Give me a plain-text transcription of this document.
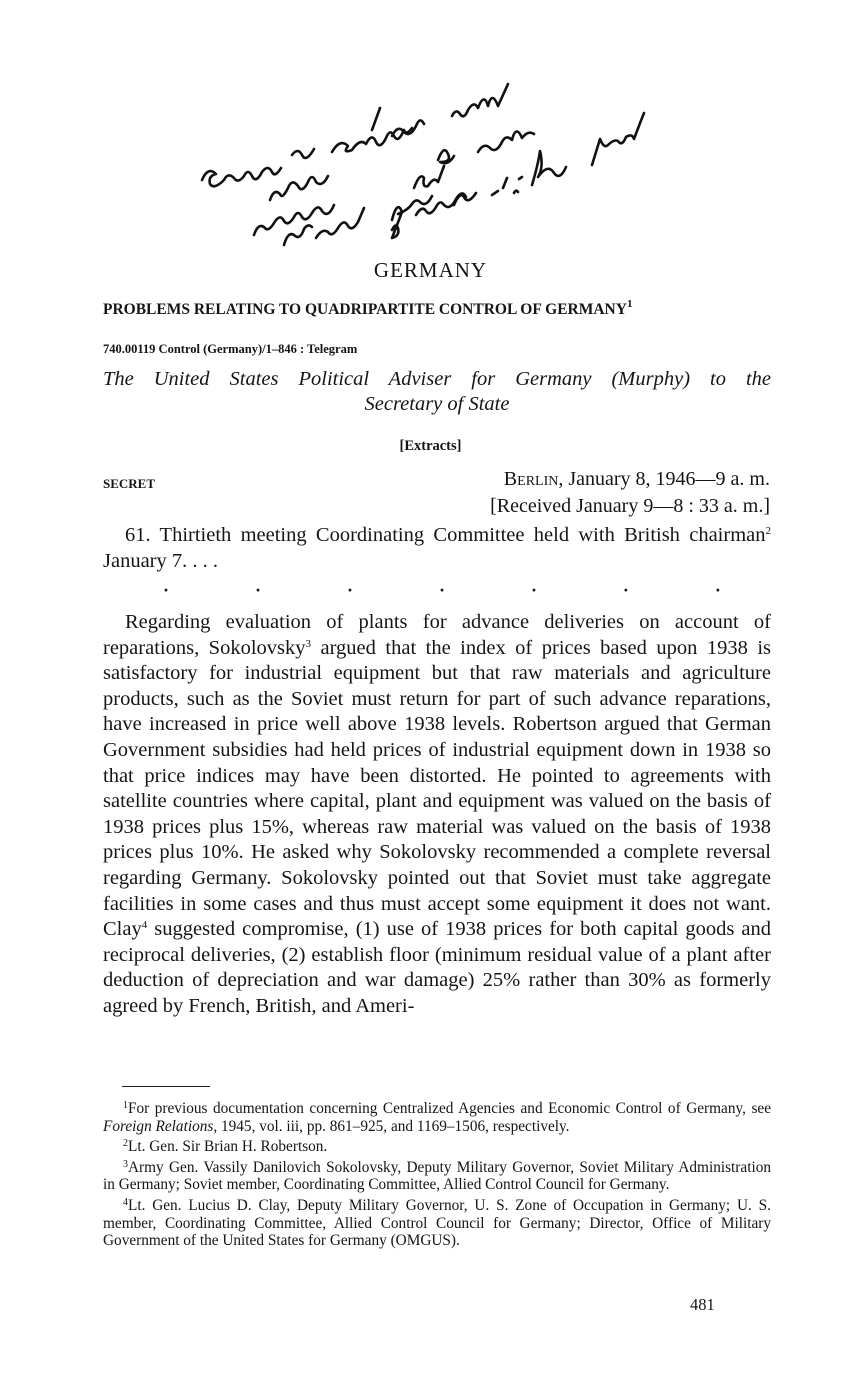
GERMANY
PROBLEMS RELATING TO QUADRIPARTITE CONTROL OF GERMANY$^1$
740.00119 Control (Germany)/1–846 : Telegram
The United States Political Adviser for Germany (Murphy) to the
Secretary of State
[Extracts]
SECRET	Berlin, January 8, 1946—9 a. m.
[Received January 9—8 : 33 a. m.]
61. Thirtieth meeting Coordinating Committee held with British chairman$^2$ January 7. . . .
·	·	·	·	·	·	·
Regarding evaluation of plants for advance deliveries on account of reparations, Sokolovsky$^3$ argued that the index of prices based upon 1938 is satisfactory for industrial equipment but that raw materials and agriculture products, such as the Soviet must return for part of such advance reparations, have increased in price well above 1938 levels. Robertson argued that German Government subsidies had held prices of industrial equipment down in 1938 so that price indices may have been distorted. He pointed to agreements with satellite countries where capital, plant and equipment was valued on the basis of 1938 prices plus 15%, whereas raw material was valued on the basis of 1938 prices plus 10%. He asked why Sokolovsky recommended a complete reversal regarding Germany. Sokolovsky pointed out that Soviet must take aggregate facilities in some cases and thus must accept some equipment it does not want. Clay$^4$ suggested compromise, (1) use of 1938 prices for both capital goods and reciprocal deliveries, (2) establish floor (minimum residual value of a plant after deduction of depreciation and war damage) 25% rather than 30% as formerly agreed by French, British, and Ameri-

$^1$For previous documentation concerning Centralized Agencies and Economic Control of Germany, see Foreign Relations, 1945, vol. iii, pp. 861–925, and 1169–1506, respectively.

$^2$Lt. Gen. Sir Brian H. Robertson.

$^3$Army Gen. Vassily Danilovich Sokolovsky, Deputy Military Governor, Soviet Military Administration in Germany; Soviet member, Coordinating Committee, Allied Control Council for Germany.

$^4$Lt. Gen. Lucius D. Clay, Deputy Military Governor, U. S. Zone of Occupation in Germany; U. S. member, Coordinating Committee, Allied Control Council for Germany; Director, Office of Military Government of the United States for Germany (OMGUS).

481
